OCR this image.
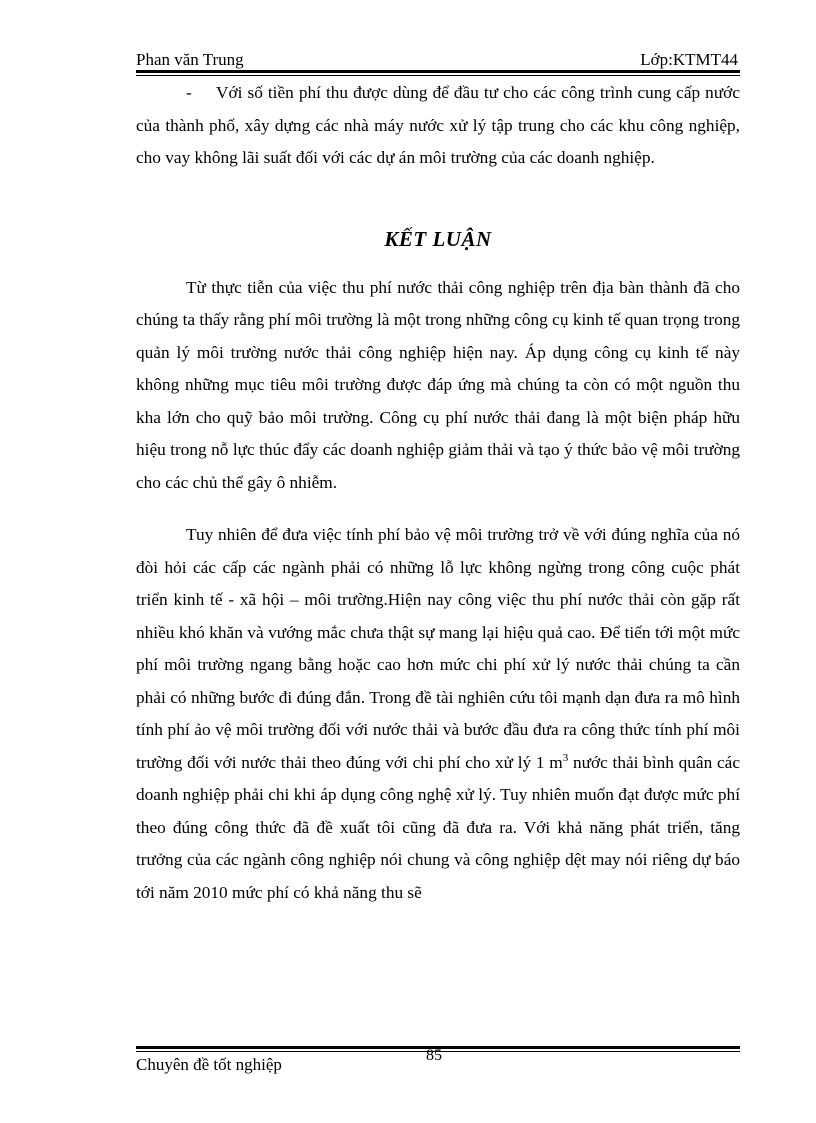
Phan văn Trung	Lớp:KTMT44

- Với số tiền phí thu được dùng để đầu tư cho các công trình cung cấp nước của thành phố, xây dựng các nhà máy nước xử lý tập trung cho các khu công nghiệp, cho vay không lãi suất đối với các dự án môi trường của các doanh nghiệp.

KẾT LUẬN

Từ thực tiễn của việc thu phí nước thải công nghiệp trên địa bàn thành đã cho chúng ta thấy rằng phí môi trường là một trong những công cụ kinh tế quan trọng trong quản lý môi trường nước thải công nghiệp hiện nay. Áp dụng công cụ kinh tế này không những mục tiêu môi trường được đáp ứng mà chúng ta còn có một nguồn thu kha lớn cho quỹ bảo môi trường. Công cụ phí nước thải đang là một biện pháp hữu hiệu trong nỗ lực thúc đẩy các doanh nghiệp giảm thải và tạo ý thức bảo vệ môi trường cho các chủ thể gây ô nhiễm.

Tuy nhiên để đưa việc tính phí bảo vệ môi trường trở về với đúng nghĩa của nó đòi hỏi các cấp các ngành phải có những lỗ lực không ngừng trong công cuộc phát triển kinh tế - xã hội – môi trường.Hiện nay công việc thu phí nước thải còn gặp rất nhiều khó khăn và vướng mắc chưa thật sự mang lại hiệu quả cao. Để tiến tới một mức phí môi trường ngang bằng hoặc cao hơn mức chi phí xử lý nước thải chúng ta cần phải có những bước đi đúng đắn. Trong đề tài nghiên cứu tôi mạnh dạn đưa ra mô hình tính phí ảo vệ môi trường đối với nước thải và bước đầu đưa ra công thức tính phí môi trường đối với nước thải theo đúng với chi phí cho xử lý 1 $m^3$ nước thải bình quân các doanh nghiệp phải chi khi áp dụng công nghệ xử lý. Tuy nhiên muốn đạt được mức phí theo đúng công thức đã đề xuất tôi cũng đã đưa ra. Với khả năng phát triển, tăng trưởng của các ngành công nghiệp nói chung và công nghiệp dệt may nói riêng dự báo tới năm 2010 mức phí có khả năng thu sẽ

85
Chuyên đề tốt nghiệp
